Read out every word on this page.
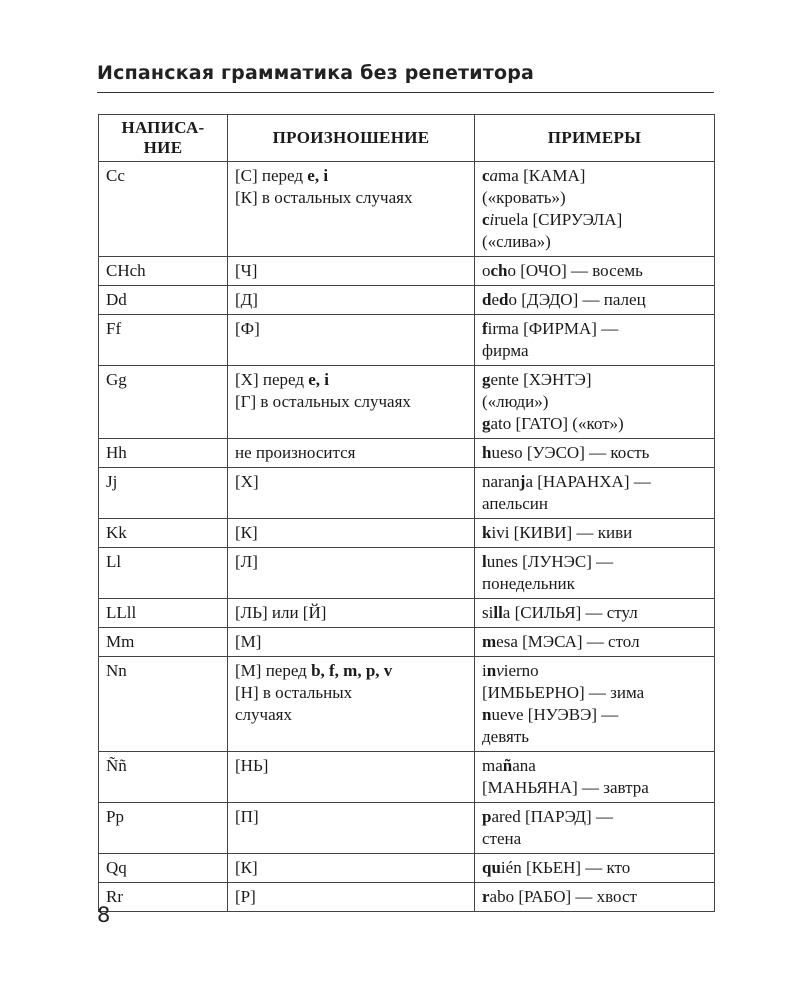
Испанская грамматика без репетитора
НАПИСА-
НИЕ	ПРОИЗНОШЕНИЕ	ПРИМЕРЫ
Cc	[С] перед e, i
[К] в остальных случаях	cama [КАМА]
(«кровать»)
ciruela [СИРУЭЛА]
(«слива»)

CHch	[Ч]	ocho [ОЧО] — восемь

Dd	[Д]	dedo [ДЭДО] — палец

Ff	[Ф]	firma [ФИРМА] —
фирма

Gg	[Х] перед e, i
[Г] в остальных случаях	gente [ХЭНТЭ]
(«люди»)
gato [ГАТО] («кот»)

Hh	не произносится	hueso [УЭСО] — кость

Jj	[Х]	naranja [НАРАНХА] —
апельсин

Kk	[К]	kivi [КИВИ] — киви

Ll	[Л]	lunes [ЛУНЭС] —
понедельник

LLll	[ЛЬ] или [Й]	silla [СИЛЬЯ] — стул

Mm	[М]	mesa [МЭСА] — стол

Nn	[М] перед b, f, m, p, v
[Н] в остальных
случаях	invierno
[ИМБЬЕРНО] — зима
nueve [НУЭВЭ] —
девять

Ññ	[НЬ]	mañana
[МАНЬЯНА] — завтра

Pp	[П]	pared [ПАРЭД] —
стена

Qq	[К]	quién [КЬЕН] — кто

Rr	[Р]	rabo [РАБО] — хвост
8
